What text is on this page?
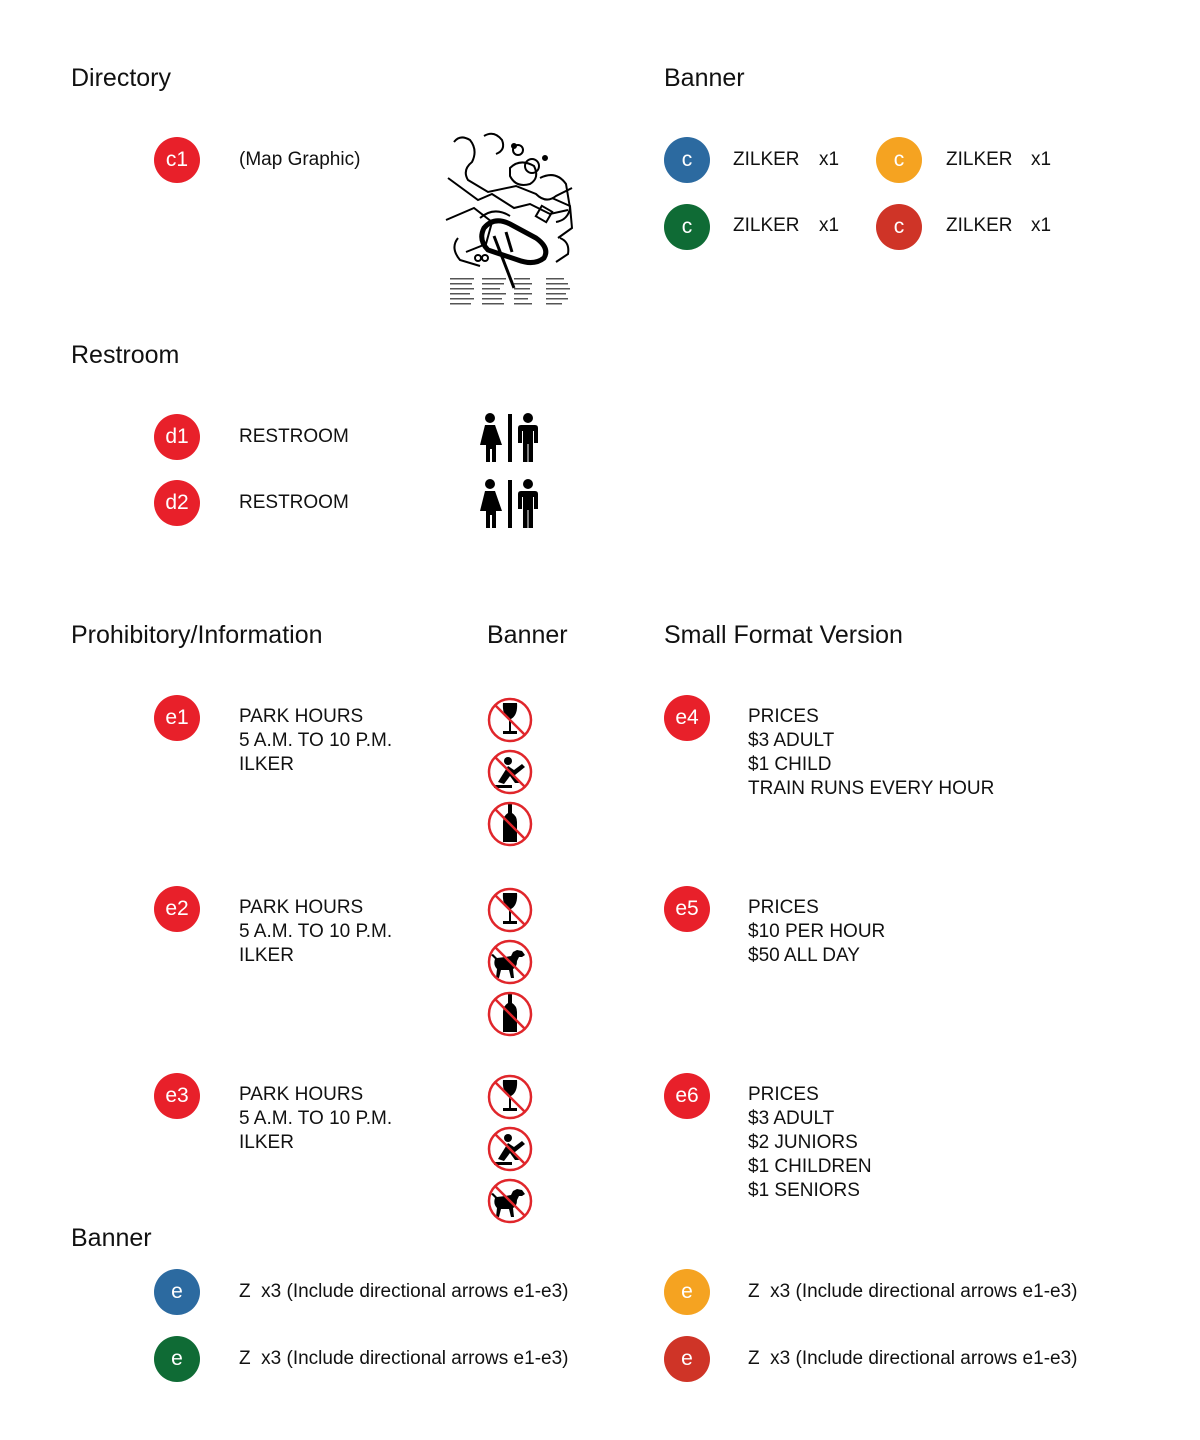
Directory
c1	(Map Graphic)
Banner
c	ZILKER x1	c	ZILKER x1
c	ZILKER x1	c	ZILKER x1
Restroom
d1	RESTROOM
d2	RESTROOM
Prohibitory/Information	Banner	Small Format Version
e1	PARK HOURS
5 A.M. TO 10 P.M.
ILKER
e4	PRICES
$3 ADULT
$1 CHILD
TRAIN RUNS EVERY HOUR
e2	PARK HOURS
5 A.M. TO 10 P.M.
ILKER
e5	PRICES
$10 PER HOUR
$50 ALL DAY
e3	PARK HOURS
5 A.M. TO 10 P.M.
ILKER
e6	PRICES
$3 ADULT
$2 JUNIORS
$1 CHILDREN
$1 SENIORS
Banner
e	Z  x3 (Include directional arrows e1-e3)	e	Z  x3 (Include directional arrows e1-e3)
e	Z  x3 (Include directional arrows e1-e3)	e	Z  x3 (Include directional arrows e1-e3)
